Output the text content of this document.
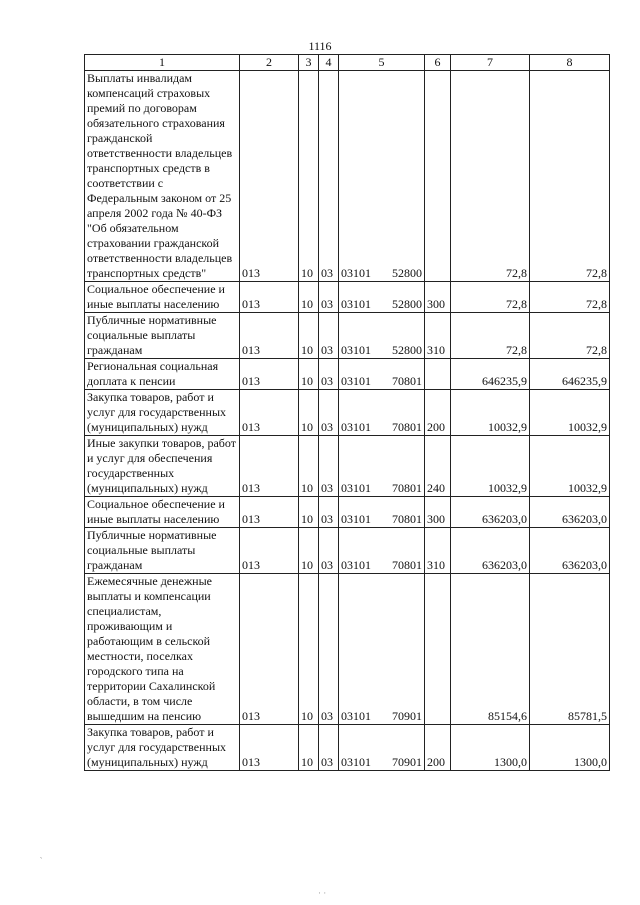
1116
1	2	3	4	5	6	7	8
Выплаты инвалидам компенсаций страховых премий по договорам обязательного страхования гражданской ответственности владельцев транспортных средств в соответствии с Федеральным законом от 25 апреля 2002 года № 40-ФЗ "Об обязательном страховании гражданской ответственности владельцев транспортных средств"	013	10	03	03101 52800		72,8	72,8
Социальное обеспечение и иные выплаты населению	013	10	03	03101 52800	300	72,8	72,8
Публичные нормативные социальные выплаты гражданам	013	10	03	03101 52800	310	72,8	72,8
Региональная социальная доплата к пенсии	013	10	03	03101 70801		646235,9	646235,9
Закупка товаров, работ и услуг для государственных (муниципальных) нужд	013	10	03	03101 70801	200	10032,9	10032,9
Иные закупки товаров, работ и услуг для обеспечения государственных (муниципальных) нужд	013	10	03	03101 70801	240	10032,9	10032,9
Социальное обеспечение и иные выплаты населению	013	10	03	03101 70801	300	636203,0	636203,0
Публичные нормативные социальные выплаты гражданам	013	10	03	03101 70801	310	636203,0	636203,0
Ежемесячные денежные выплаты и компенсации специалистам, проживающим и работающим в сельской местности, поселках городского типа на территории Сахалинской области, в том числе вышедшим на пенсию	013	10	03	03101 70901		85154,6	85781,5
Закупка товаров, работ и услуг для государственных (муниципальных) нужд	013	10	03	03101 70901	200	1300,0	1300,0
‵
· ·
